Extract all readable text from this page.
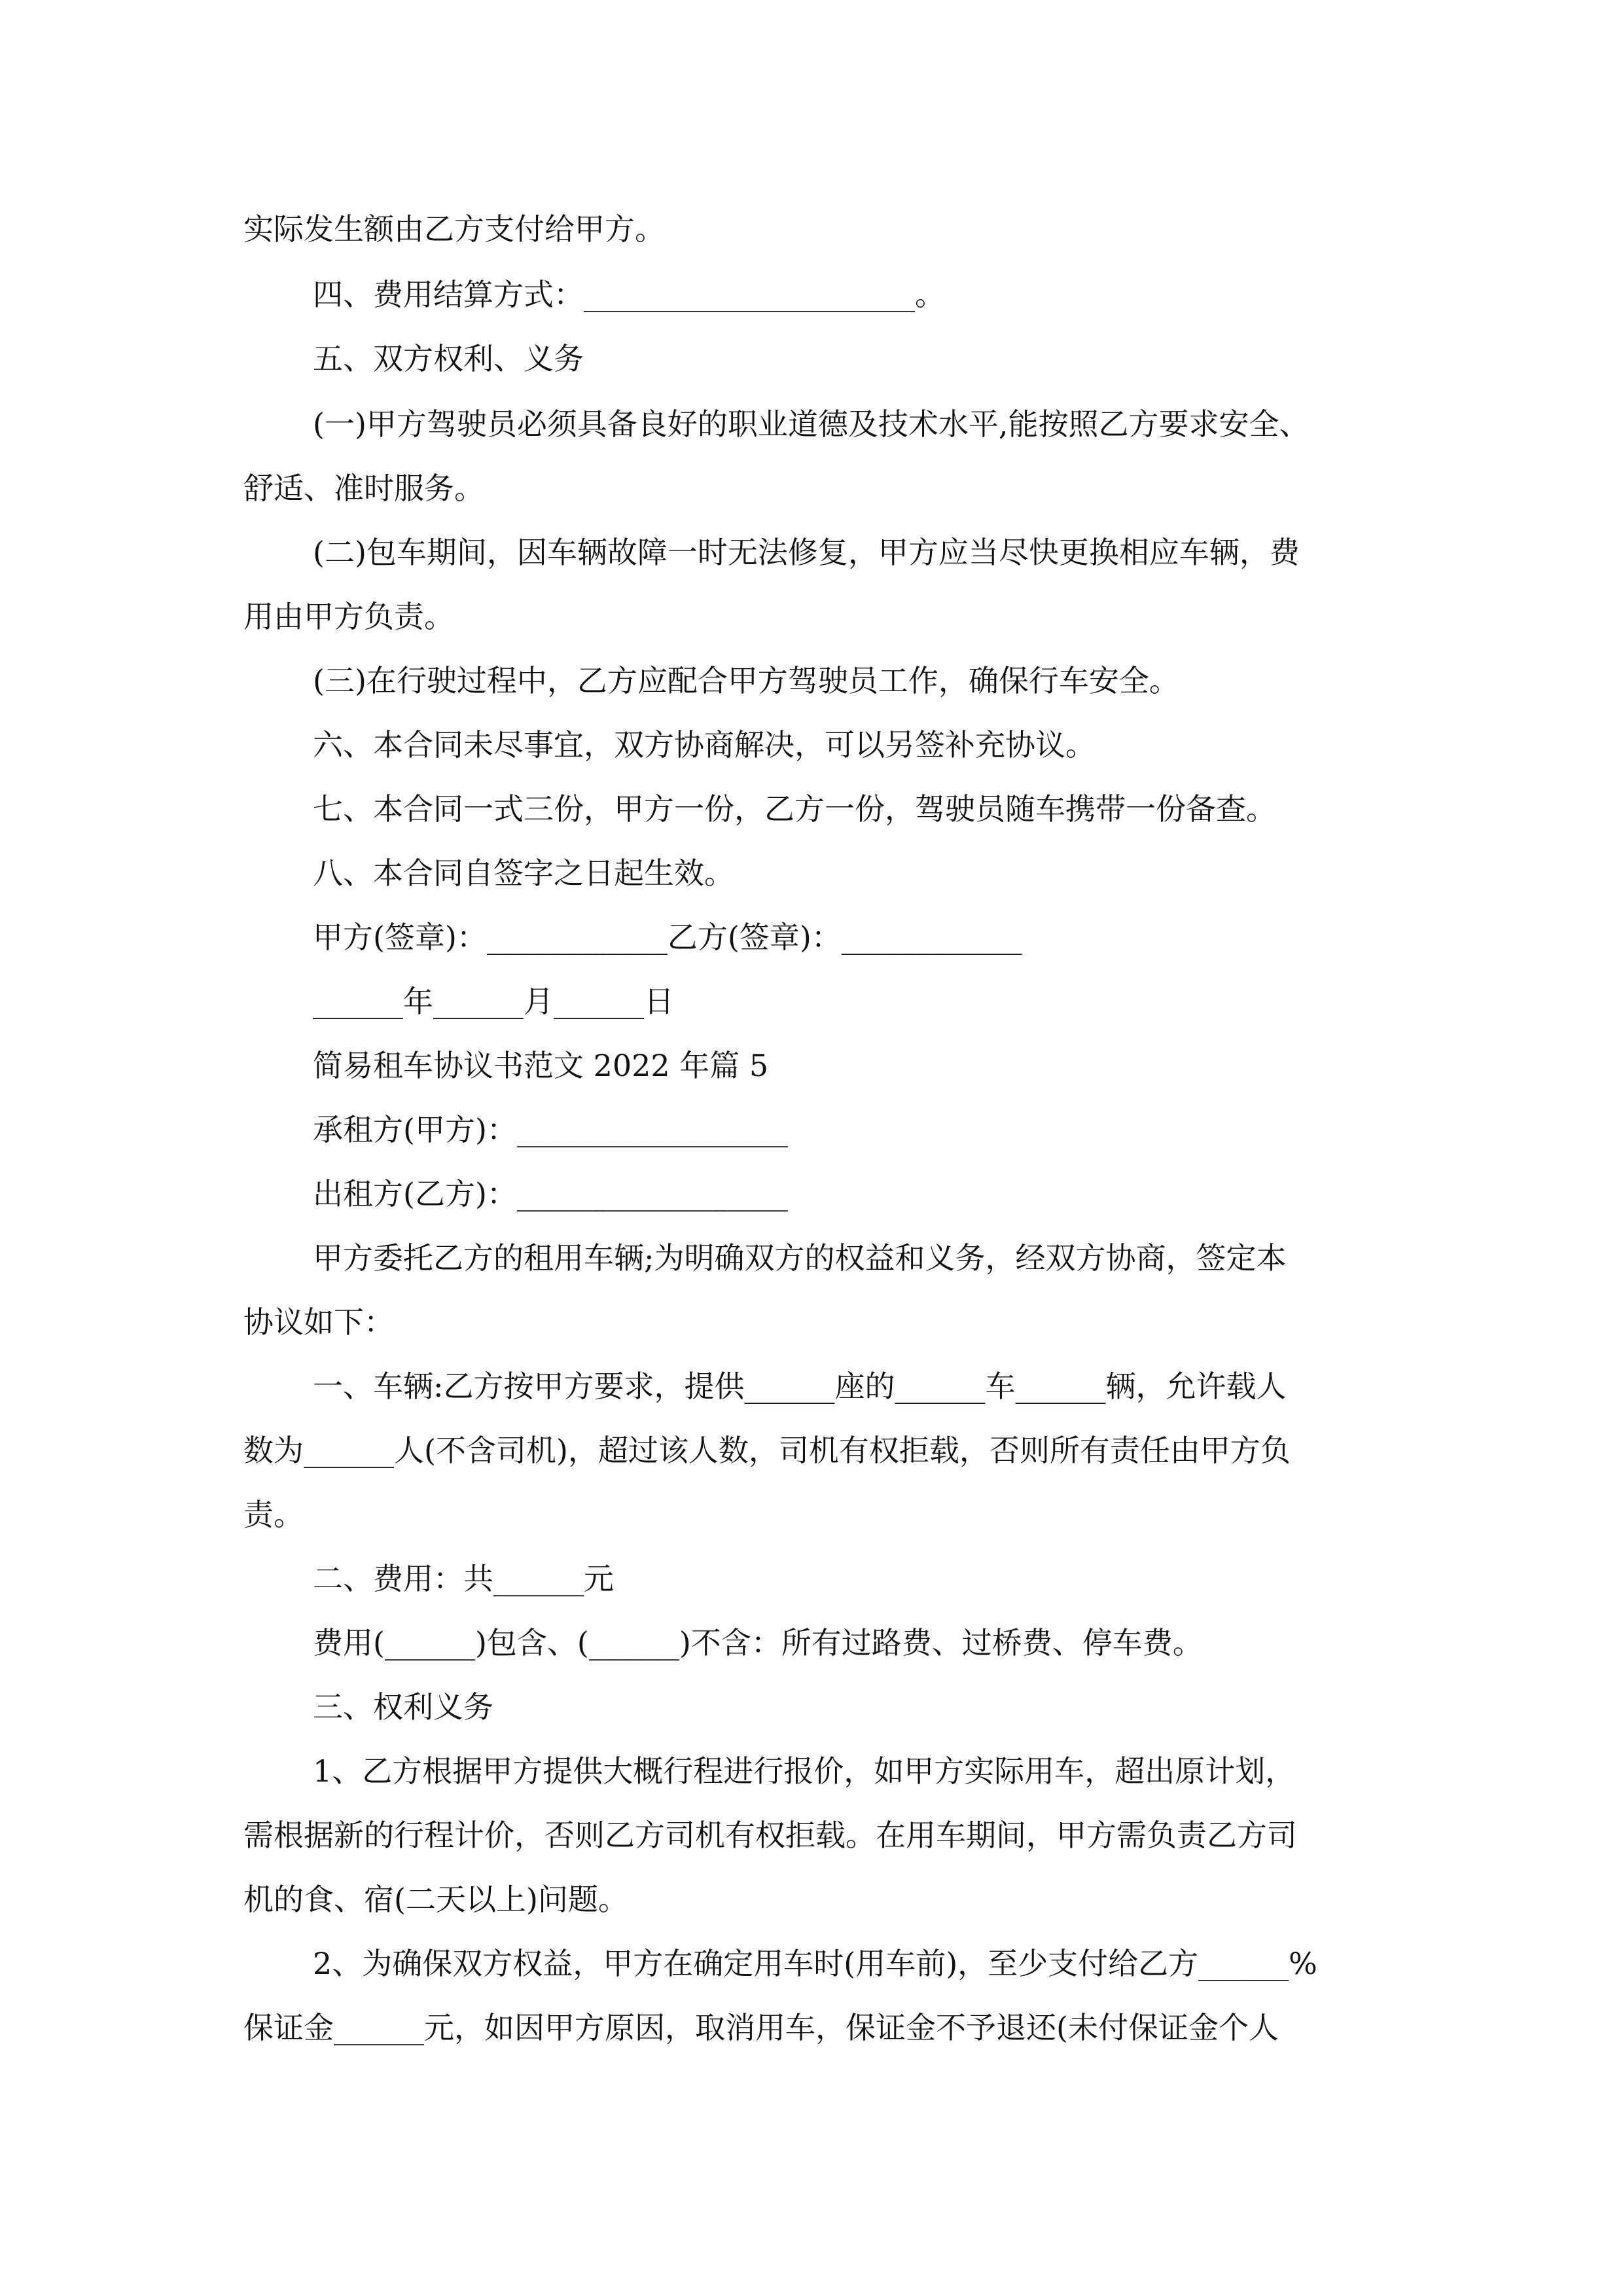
实际发生额由乙方支付给甲方。
四、费用结算方式：______________________。
五、双方权利、义务
(一)甲方驾驶员必须具备良好的职业道德及技术水平,能按照乙方要求安全、
舒适、准时服务。
(二)包车期间，因车辆故障一时无法修复，甲方应当尽快更换相应车辆，费
用由甲方负责。
(三)在行驶过程中，乙方应配合甲方驾驶员工作，确保行车安全。
六、本合同未尽事宜，双方协商解决，可以另签补充协议。
七、本合同一式三份，甲方一份，乙方一份，驾驶员随车携带一份备查。
八、本合同自签字之日起生效。
甲方(签章)：____________乙方(签章)：____________
______年______月______日
简易租车协议书范文 2022 年篇 5
承租方(甲方)：__________________
出租方(乙方)：__________________
甲方委托乙方的租用车辆;为明确双方的权益和义务，经双方协商，签定本
协议如下：
一、车辆:乙方按甲方要求，提供______座的______车______辆，允许载人
数为______人(不含司机)，超过该人数，司机有权拒载，否则所有责任由甲方负
责。
二、费用：共______元
费用(______)包含、(______)不含：所有过路费、过桥费、停车费。
三、权利义务
1、乙方根据甲方提供大概行程进行报价，如甲方实际用车，超出原计划，
需根据新的行程计价，否则乙方司机有权拒载。在用车期间，甲方需负责乙方司
机的食、宿(二天以上)问题。
2、为确保双方权益，甲方在确定用车时(用车前)，至少支付给乙方______%
保证金______元，如因甲方原因，取消用车，保证金不予退还(未付保证金个人
